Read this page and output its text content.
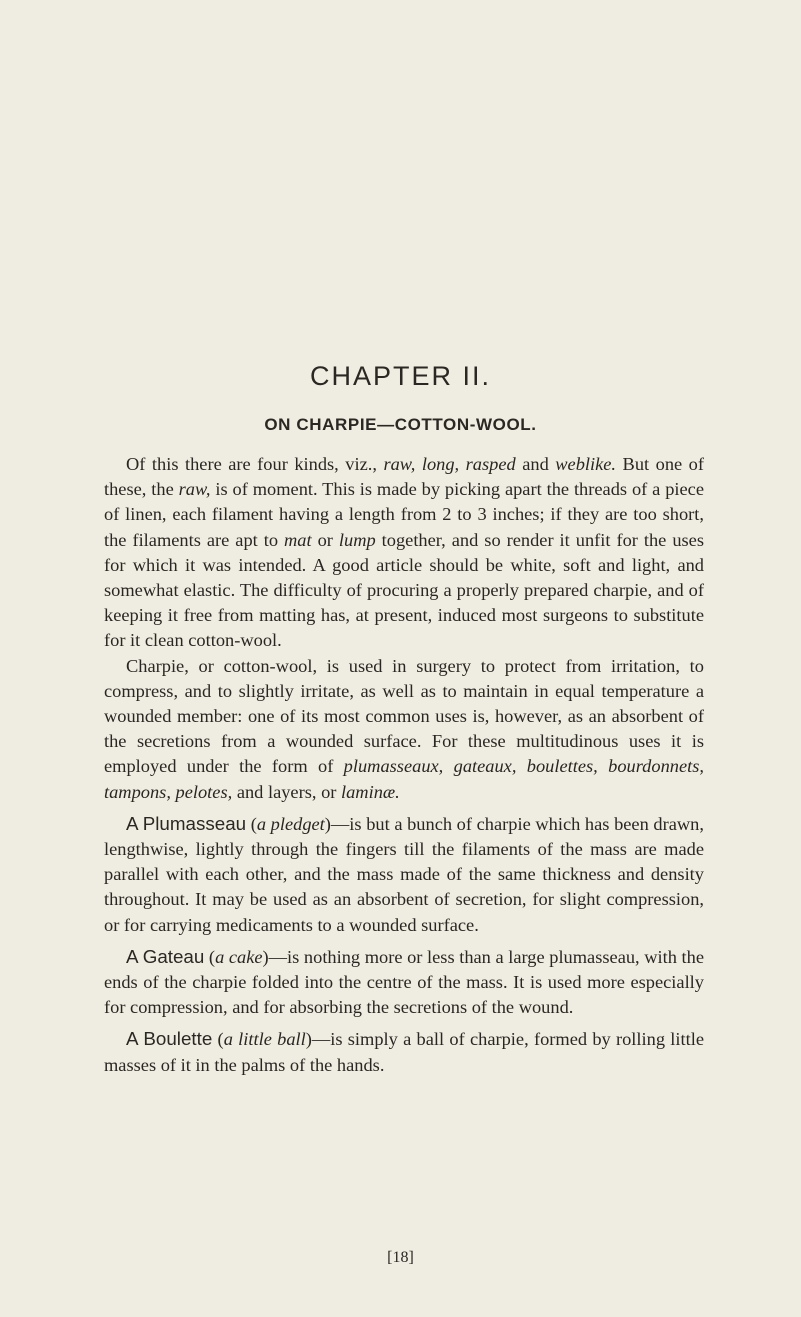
CHAPTER II.
ON CHARPIE—COTTON-WOOL.

Of this there are four kinds, viz., raw, long, rasped and weblike. But one of these, the raw, is of moment. This is made by picking apart the threads of a piece of linen, each filament having a length from 2 to 3 inches; if they are too short, the filaments are apt to mat or lump together, and so render it unfit for the uses for which it was intended. A good article should be white, soft and light, and somewhat elastic. The difficulty of procuring a properly prepared charpie, and of keeping it free from matting has, at present, induced most surgeons to substitute for it clean cotton-wool.

Charpie, or cotton-wool, is used in surgery to protect from irritation, to compress, and to slightly irritate, as well as to maintain in equal temperature a wounded member: one of its most common uses is, however, as an absorbent of the secretions from a wounded surface. For these multitudinous uses it is employed under the form of plumasseaux, gateaux, boulettes, bourdonnets, tampons, pelotes, and layers, or laminæ.

A Plumasseau (a pledget)—is but a bunch of charpie which has been drawn, lengthwise, lightly through the fingers till the filaments of the mass are made parallel with each other, and the mass made of the same thickness and density throughout. It may be used as an absorbent of secretion, for slight compression, or for carrying medicaments to a wounded surface.

A Gateau (a cake)—is nothing more or less than a large plumasseau, with the ends of the charpie folded into the centre of the mass. It is used more especially for compression, and for absorbing the secretions of the wound.

A Boulette (a little ball)—is simply a ball of charpie, formed by rolling little masses of it in the palms of the hands.

[18]
